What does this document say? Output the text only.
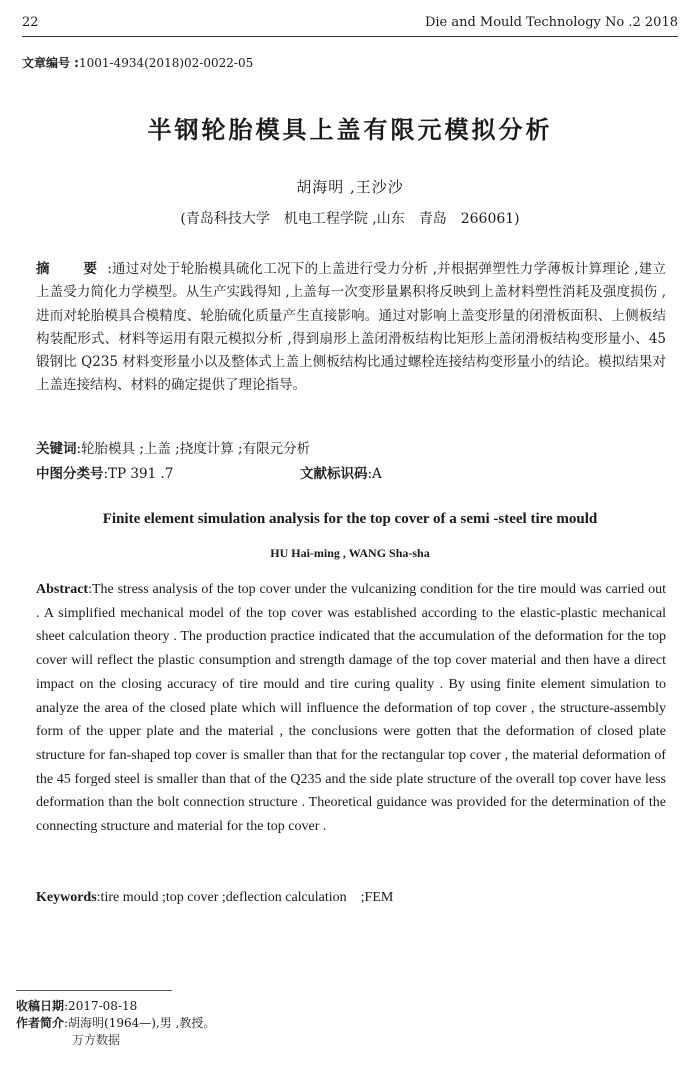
22	Die and Mould Technology No .2 2018
文章编号 :1001-4934(2018)02-0022-05
半钢轮胎模具上盖有限元模拟分析
胡海明 ,王沙沙
(青岛科技大学　机电工程学院 ,山东　青岛　266061)
摘　要:通过对处于轮胎模具硫化工况下的上盖进行受力分析 ,并根据弹塑性力学薄板计算理论 ,建立上盖受力简化力学模型。从生产实践得知 ,上盖每一次变形量累积将反映到上盖材料塑性消耗及强度损伤 ,进而对轮胎模具合模精度、轮胎硫化质量产生直接影响。通过对影响上盖变形量的闭滑板面积、上侧板结构装配形式、材料等运用有限元模拟分析 ,得到扇形上盖闭滑板结构比矩形上盖闭滑板结构变形量小、45 锻钢比 Q235 材料变形量小以及整体式上盖上侧板结构比通过螺栓连接结构变形量小的结论。模拟结果对上盖连接结构、材料的确定提供了理论指导。
关键词:轮胎模具 ;上盖 ;挠度计算 ;有限元分析
中图分类号:TP 391 .7	文献标识码:A
Finite element simulation analysis for the top cover of a semi -steel tire mould
HU Hai-ming , WANG Sha-sha
Abstract:The stress analysis of the top cover under the vulcanizing condition for the tire mould was carried out . A simplified mechanical model of the top cover was established according to the elastic-plastic mechanical sheet calculation theory . The production practice indicated that the accumulation of the deformation for the top cover will reflect the plastic consumption and strength damage of the top cover material and then have a direct impact on the closing accuracy of tire mould and tire curing quality . By using finite element simulation to analyze the area of the closed plate which will influence the deformation of top cover , the structure-assembly form of the upper plate and the material , the conclusions were gotten that the deformation of closed plate structure for fan-shaped top cover is smaller than that for the rectangular top cover , the material deformation of the 45 forged steel is smaller than that of the Q235 and the side plate structure of the overall top cover have less deformation than the bolt connection structure . Theoretical guidance was provided for the determination of the connecting structure and material for the top cover .
Keywords:tire mould ;top cover ;deflection calculation　;FEM
收稿日期:2017-08-18
作者简介:胡海明(1964—),男 ,教授。
万方数据
